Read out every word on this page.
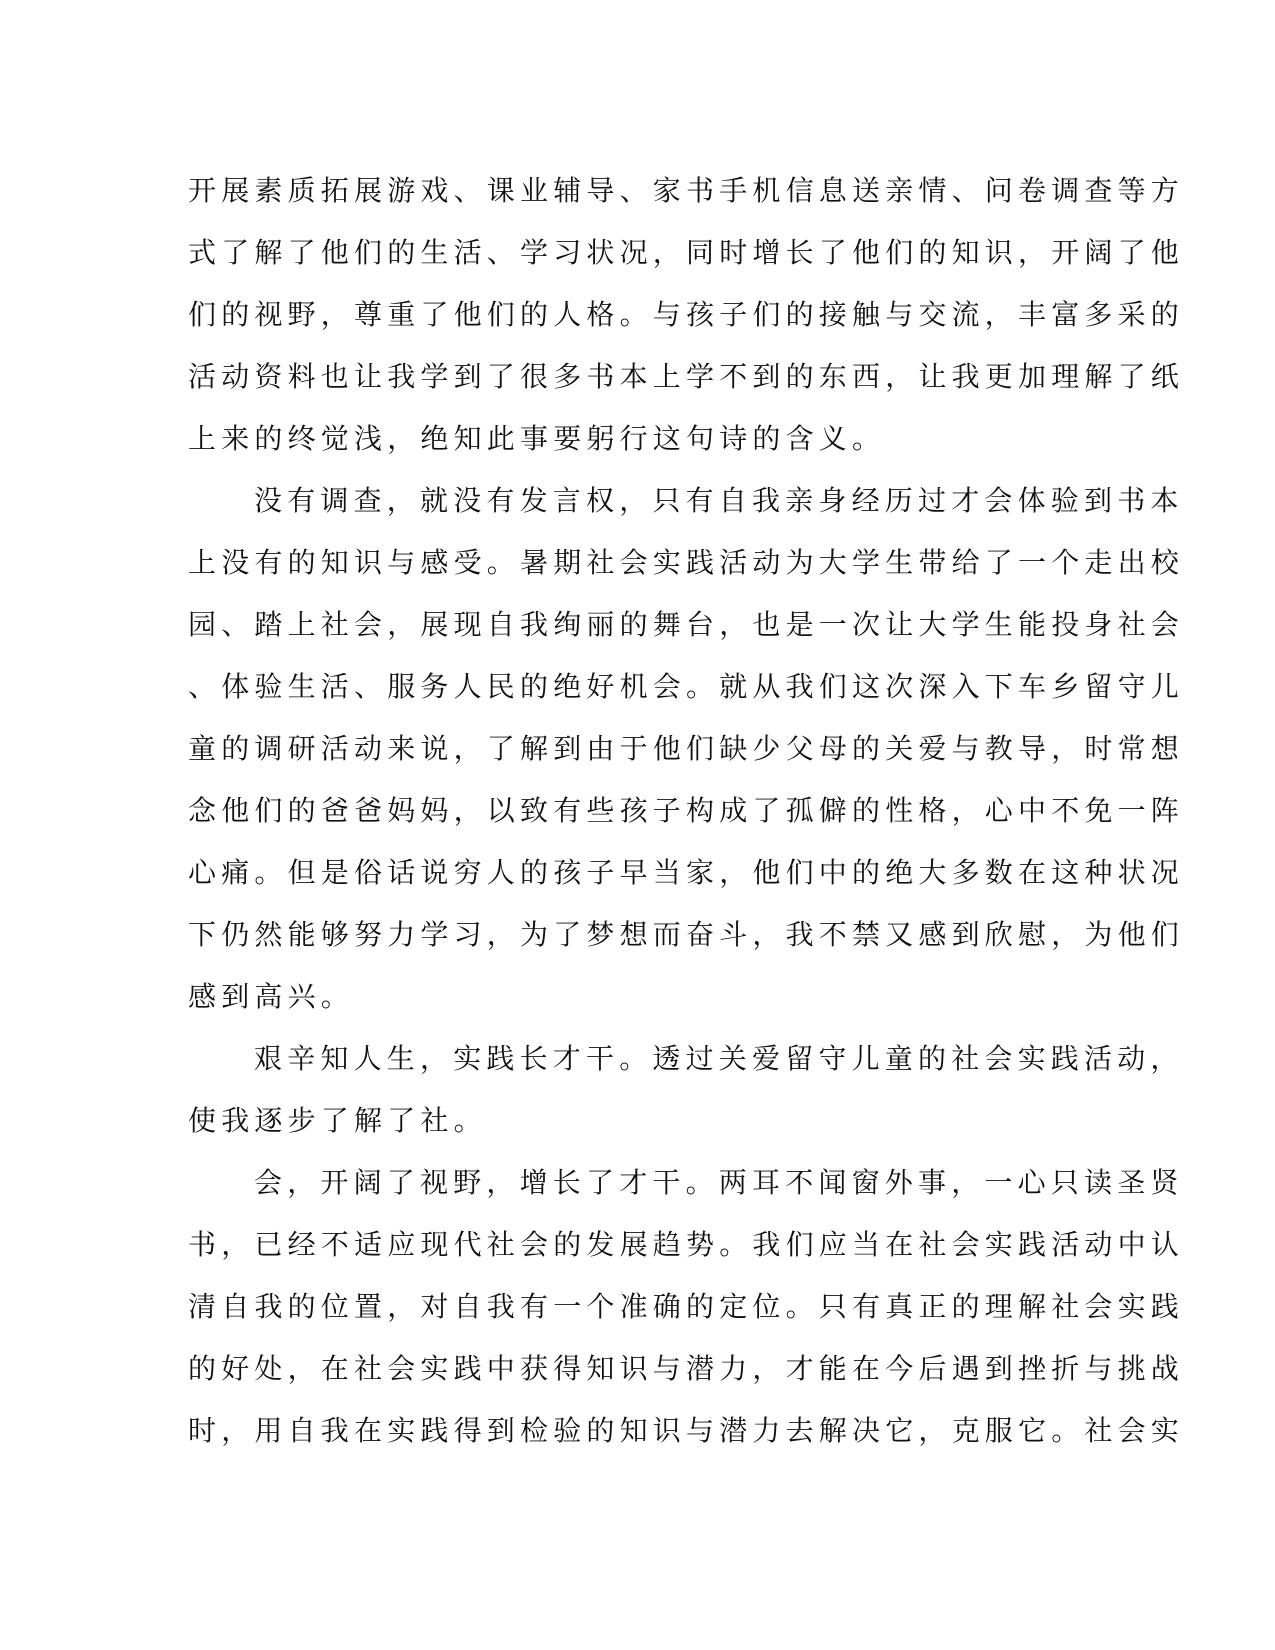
开展素质拓展游戏、课业辅导、家书手机信息送亲情、问卷调查等方
式了解了他们的生活、学习状况，同时增长了他们的知识，开阔了他
们的视野，尊重了他们的人格。与孩子们的接触与交流，丰富多采的
活动资料也让我学到了很多书本上学不到的东西，让我更加理解了纸
上来的终觉浅，绝知此事要躬行这句诗的含义。
没有调查，就没有发言权，只有自我亲身经历过才会体验到书本
上没有的知识与感受。暑期社会实践活动为大学生带给了一个走出校
园、踏上社会，展现自我绚丽的舞台，也是一次让大学生能投身社会
、体验生活、服务人民的绝好机会。就从我们这次深入下车乡留守儿
童的调研活动来说，了解到由于他们缺少父母的关爱与教导，时常想
念他们的爸爸妈妈，以致有些孩子构成了孤僻的性格，心中不免一阵
心痛。但是俗话说穷人的孩子早当家，他们中的绝大多数在这种状况
下仍然能够努力学习，为了梦想而奋斗，我不禁又感到欣慰，为他们
感到高兴。
艰辛知人生，实践长才干。透过关爱留守儿童的社会实践活动，
使我逐步了解了社。
会，开阔了视野，增长了才干。两耳不闻窗外事，一心只读圣贤
书，已经不适应现代社会的发展趋势。我们应当在社会实践活动中认
清自我的位置，对自我有一个准确的定位。只有真正的理解社会实践
的好处，在社会实践中获得知识与潜力，才能在今后遇到挫折与挑战
时，用自我在实践得到检验的知识与潜力去解决它，克服它。社会实
